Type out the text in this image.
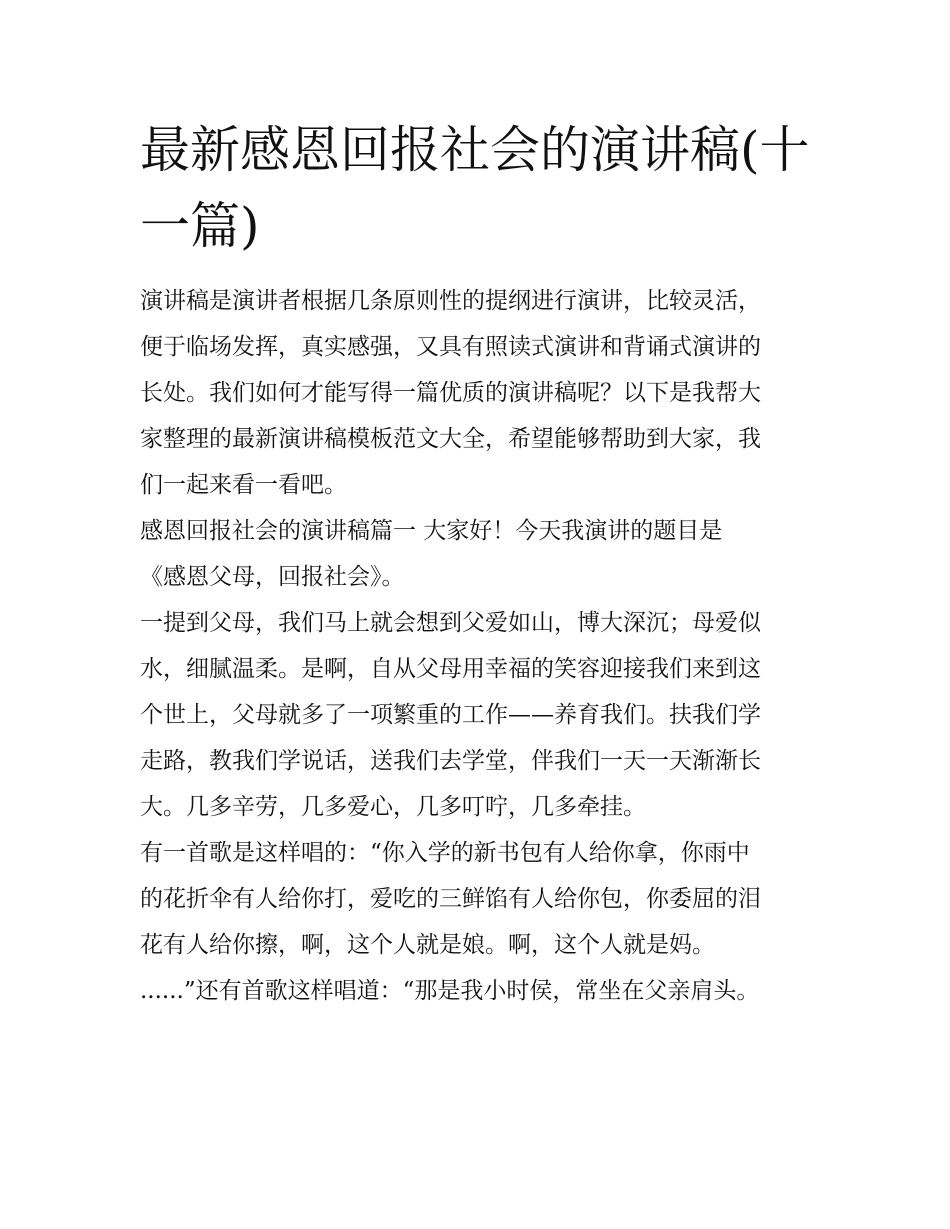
最新感恩回报社会的演讲稿(十
一篇)
演讲稿是演讲者根据几条原则性的提纲进行演讲，比较灵活，
便于临场发挥，真实感强，又具有照读式演讲和背诵式演讲的
长处。我们如何才能写得一篇优质的演讲稿呢？以下是我帮大
家整理的最新演讲稿模板范文大全，希望能够帮助到大家，我
们一起来看一看吧。
感恩回报社会的演讲稿篇一 大家好！今天我演讲的题目是
《感恩父母，回报社会》。
一提到父母，我们马上就会想到父爱如山，博大深沉；母爱似
水，细腻温柔。是啊，自从父母用幸福的笑容迎接我们来到这
个世上，父母就多了一项繁重的工作——养育我们。扶我们学
走路，教我们学说话，送我们去学堂，伴我们一天一天渐渐长
大。几多辛劳，几多爱心，几多叮咛，几多牵挂。
有一首歌是这样唱的：“你入学的新书包有人给你拿，你雨中
的花折伞有人给你打，爱吃的三鲜馅有人给你包，你委屈的泪
花有人给你擦，啊，这个人就是娘。啊，这个人就是妈。
......”还有首歌这样唱道：“那是我小时侯，常坐在父亲肩头。
